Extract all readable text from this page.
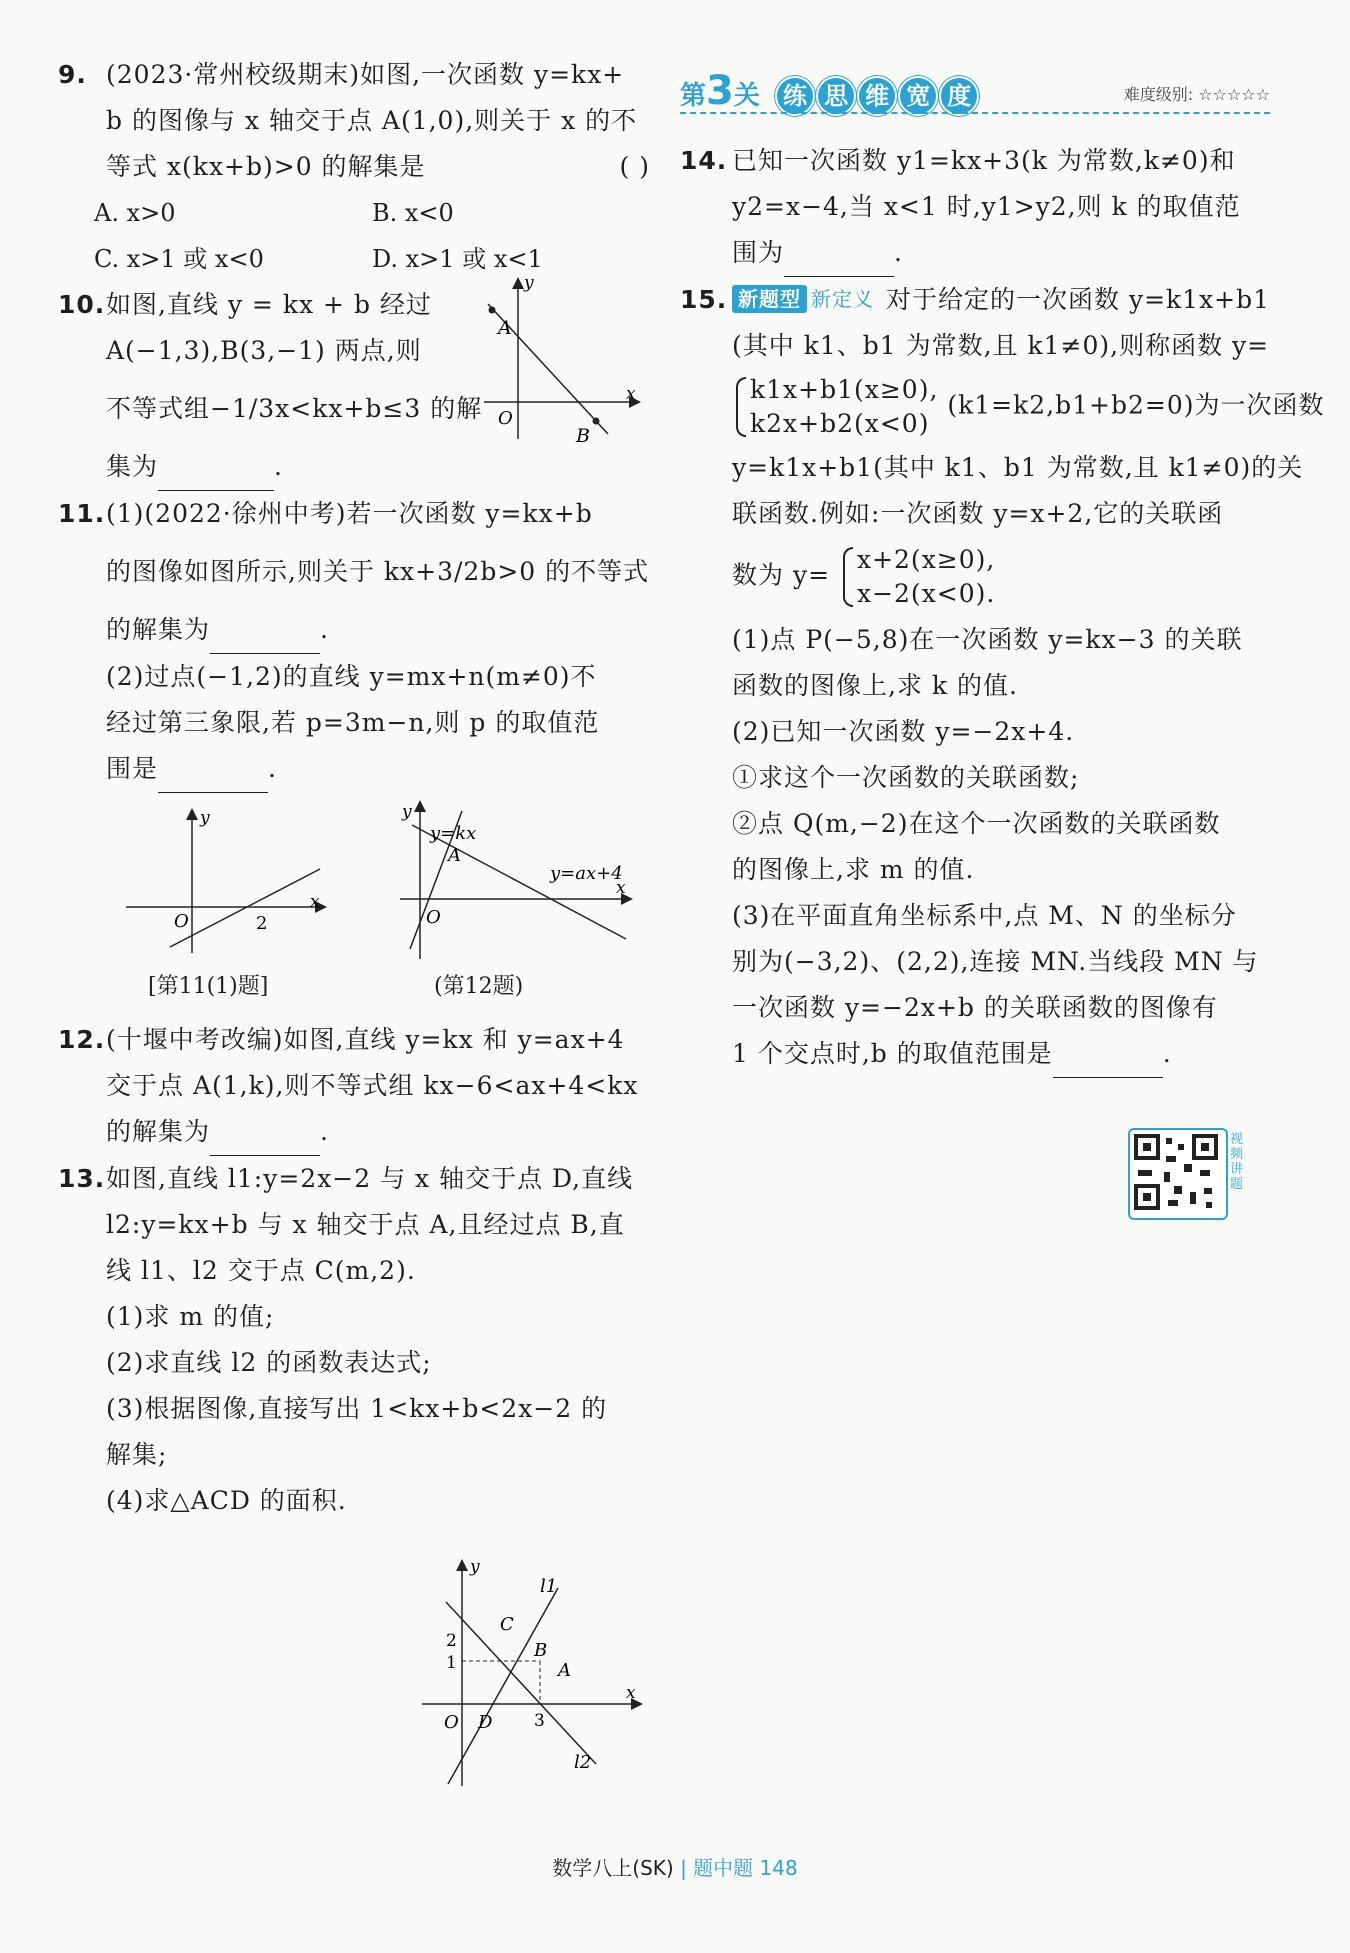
9. (2023·常州校级期末)如图,一次函数 y=kx+
b 的图像与 x 轴交于点 A(1,0),则关于 x 的不
等式 x(kx+b)>0 的解集是	( )
A. x>0	B. x<0
C. x>1 或 x<0	D. x>1 或 x<1
10.如图,直线 y = kx + b 经过
A(−1,3),B(3,−1) 两点,则
不等式组−1/3x<kx+b≤3 的解
集为	.
A
B
y
x
O
11.(1)(2022·徐州中考)若一次函数 y=kx+b
的图像如图所示,则关于 kx+3/2b>0 的不等式
的解集为	.
(2)过点(−1,2)的直线 y=mx+n(m≠0)不
经过第三象限,若 p=3m−n,则 p 的取值范
围是	.
y
x
O	2
[第11(1)题]
y=kx
A
y=ax+4
y
x
O
(第12题)
12.(十堰中考改编)如图,直线 y=kx 和 y=ax+4
交于点 A(1,k),则不等式组 kx−6<ax+4<kx
的解集为	.
13.如图,直线 l1:y=2x−2 与 x 轴交于点 D,直线
l2:y=kx+b 与 x 轴交于点 A,且经过点 B,直
线 l1、l2 交于点 C(m,2).
(1)求 m 的值;
(2)求直线 l2 的函数表达式;
(3)根据图像,直接写出 1<kx+b<2x−2 的
解集;
(4)求△ACD 的面积.
y
x
l1
l2
C
B
A
D
O
2
1
3
第3关 练 思 维 宽 度	难度级别: ☆☆☆☆☆
14. 已知一次函数 y1=kx+3(k 为常数,k≠0)和
y2=x−4,当 x<1 时,y1>y2,则 k 的取值范
围为	.
15. 新题型 新定义 对于给定的一次函数 y=k1x+b1
(其中 k1、b1 为常数,且 k1≠0),则称函数 y=
k1x+b1(x≥0),
k2x+b2(x<0)
(k1=k2,b1+b2=0)为一次函数
y=k1x+b1(其中 k1、b1 为常数,且 k1≠0)的关
联函数.例如:一次函数 y=x+2,它的关联函
数为 y=
x+2(x≥0),
x−2(x<0).
(1)点 P(−5,8)在一次函数 y=kx−3 的关联
函数的图像上,求 k 的值.
(2)已知一次函数 y=−2x+4.
①求这个一次函数的关联函数;
②点 Q(m,−2)在这个一次函数的关联函数
的图像上,求 m 的值.
(3)在平面直角坐标系中,点 M、N 的坐标分
别为(−3,2)、(2,2),连接 MN.当线段 MN 与
一次函数 y=−2x+b 的关联函数的图像有
1 个交点时,b 的取值范围是	.
视频讲题
数学八上(SK) | 题中题 148
